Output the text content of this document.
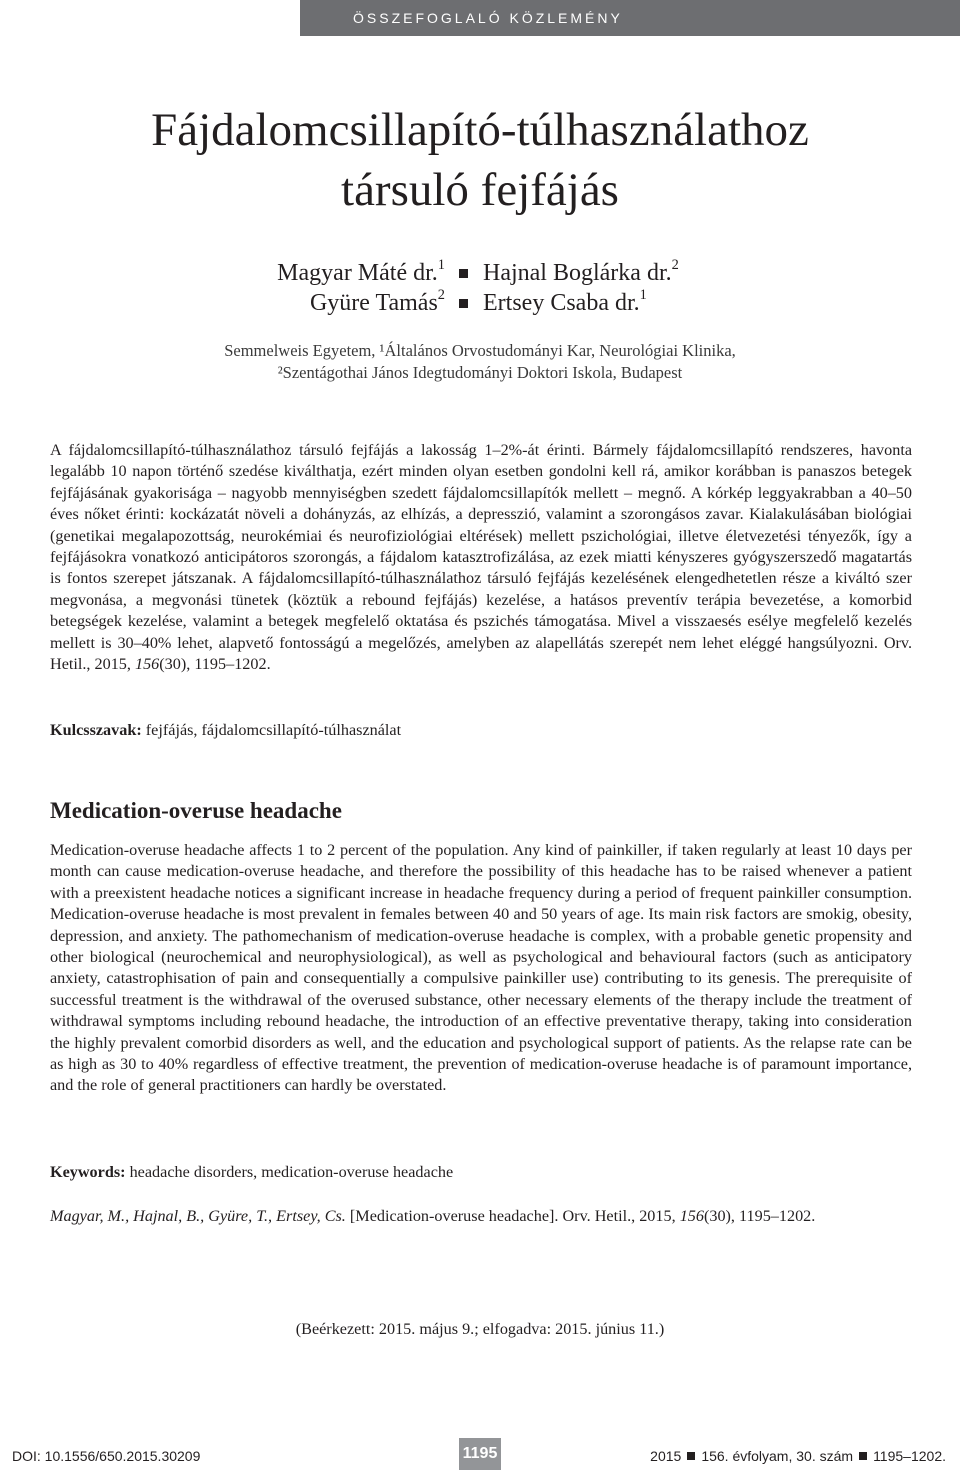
ÖSSZEFOGLALÓ KÖZLEMÉNY
Fájdalomcsillapító-túlhasználathoz
társuló fejfájás
Magyar Máté dr.$^1$ Hajnal Boglárka dr.$^2$
Gyüre Tamás$^2$ Ertsey Csaba dr.$^1$
Semmelweis Egyetem, ¹Általános Orvostudományi Kar, Neurológiai Klinika,
²Szentágothai János Idegtudományi Doktori Iskola, Budapest

A fájdalomcsillapító-túlhasználathoz társuló fejfájás a lakosság 1–2%-át érinti. Bármely fájdalomcsillapító rendszeres, havonta legalább 10 napon történő szedése kiválthatja, ezért minden olyan esetben gondolni kell rá, amikor korábban is panaszos betegek fejfájásának gyakorisága – nagyobb mennyiségben szedett fájdalomcsillapítók mellett – megnő. A kórkép leggyakrabban a 40–50 éves nőket érinti: kockázatát növeli a dohányzás, az elhízás, a depresszió, valamint a szorongásos zavar. Kialakulásában biológiai (genetikai megalapozottság, neurokémiai és neurofiziológiai eltérések) mellett pszichológiai, illetve életvezetési tényezők, így a fejfájásokra vonatkozó anticipátoros szorongás, a fájdalom katasztrofizálása, az ezek miatti kényszeres gyógyszerszedő magatartás is fontos szerepet játszanak. A fájdalomcsillapító-túlhasználathoz társuló fejfájás kezelésének elengedhetetlen része a kiváltó szer megvonása, a megvonási tünetek (köztük a rebound fejfájás) kezelése, a hatásos preventív terápia bevezetése, a komorbid betegségek kezelése, valamint a betegek megfelelő oktatása és pszichés támogatása. Mivel a visszaesés esélye megfelelő kezelés mellett is 30–40% lehet, alapvető fontosságú a megelőzés, amelyben az alapellátás szerepét nem lehet eléggé hangsúlyozni. Orv. Hetil., 2015, 156(30), 1195–1202.

Kulcsszavak: fejfájás, fájdalomcsillapító-túlhasználat

Medication-overuse headache

Medication-overuse headache affects 1 to 2 percent of the population. Any kind of painkiller, if taken regularly at least 10 days per month can cause medication-overuse headache, and therefore the possibility of this headache has to be raised whenever a patient with a preexistent headache notices a significant increase in headache frequency during a period of frequent painkiller consumption. Medication-overuse headache is most prevalent in females between 40 and 50 years of age. Its main risk factors are smokig, obesity, depression, and anxiety. The pathomechanism of medication-overuse headache is complex, with a probable genetic propensity and other biological (neurochemical and neurophysiological), as well as psychological and behavioural factors (such as anticipatory anxiety, catastrophisation of pain and consequentially a compulsive painkiller use) contributing to its genesis. The prerequisite of successful treatment is the withdrawal of the overused substance, other necessary elements of the therapy include the treatment of withdrawal symptoms including rebound headache, the introduction of an effective preventative therapy, taking into consideration the highly prevalent comorbid disorders as well, and the education and psychological support of patients. As the relapse rate can be as high as 30 to 40% regardless of effective treatment, the prevention of medication-overuse headache is of paramount importance, and the role of general practitioners can hardly be overstated.

Keywords: headache disorders, medication-overuse headache

Magyar, M., Hajnal, B., Gyüre, T., Ertsey, Cs. [Medication-overuse headache]. Orv. Hetil., 2015, 156(30), 1195–1202.

(Beérkezett: 2015. május 9.; elfogadva: 2015. június 11.)
DOI: 10.1556/650.2015.30209	1195	2015 156. évfolyam, 30. szám 1195–1202.
